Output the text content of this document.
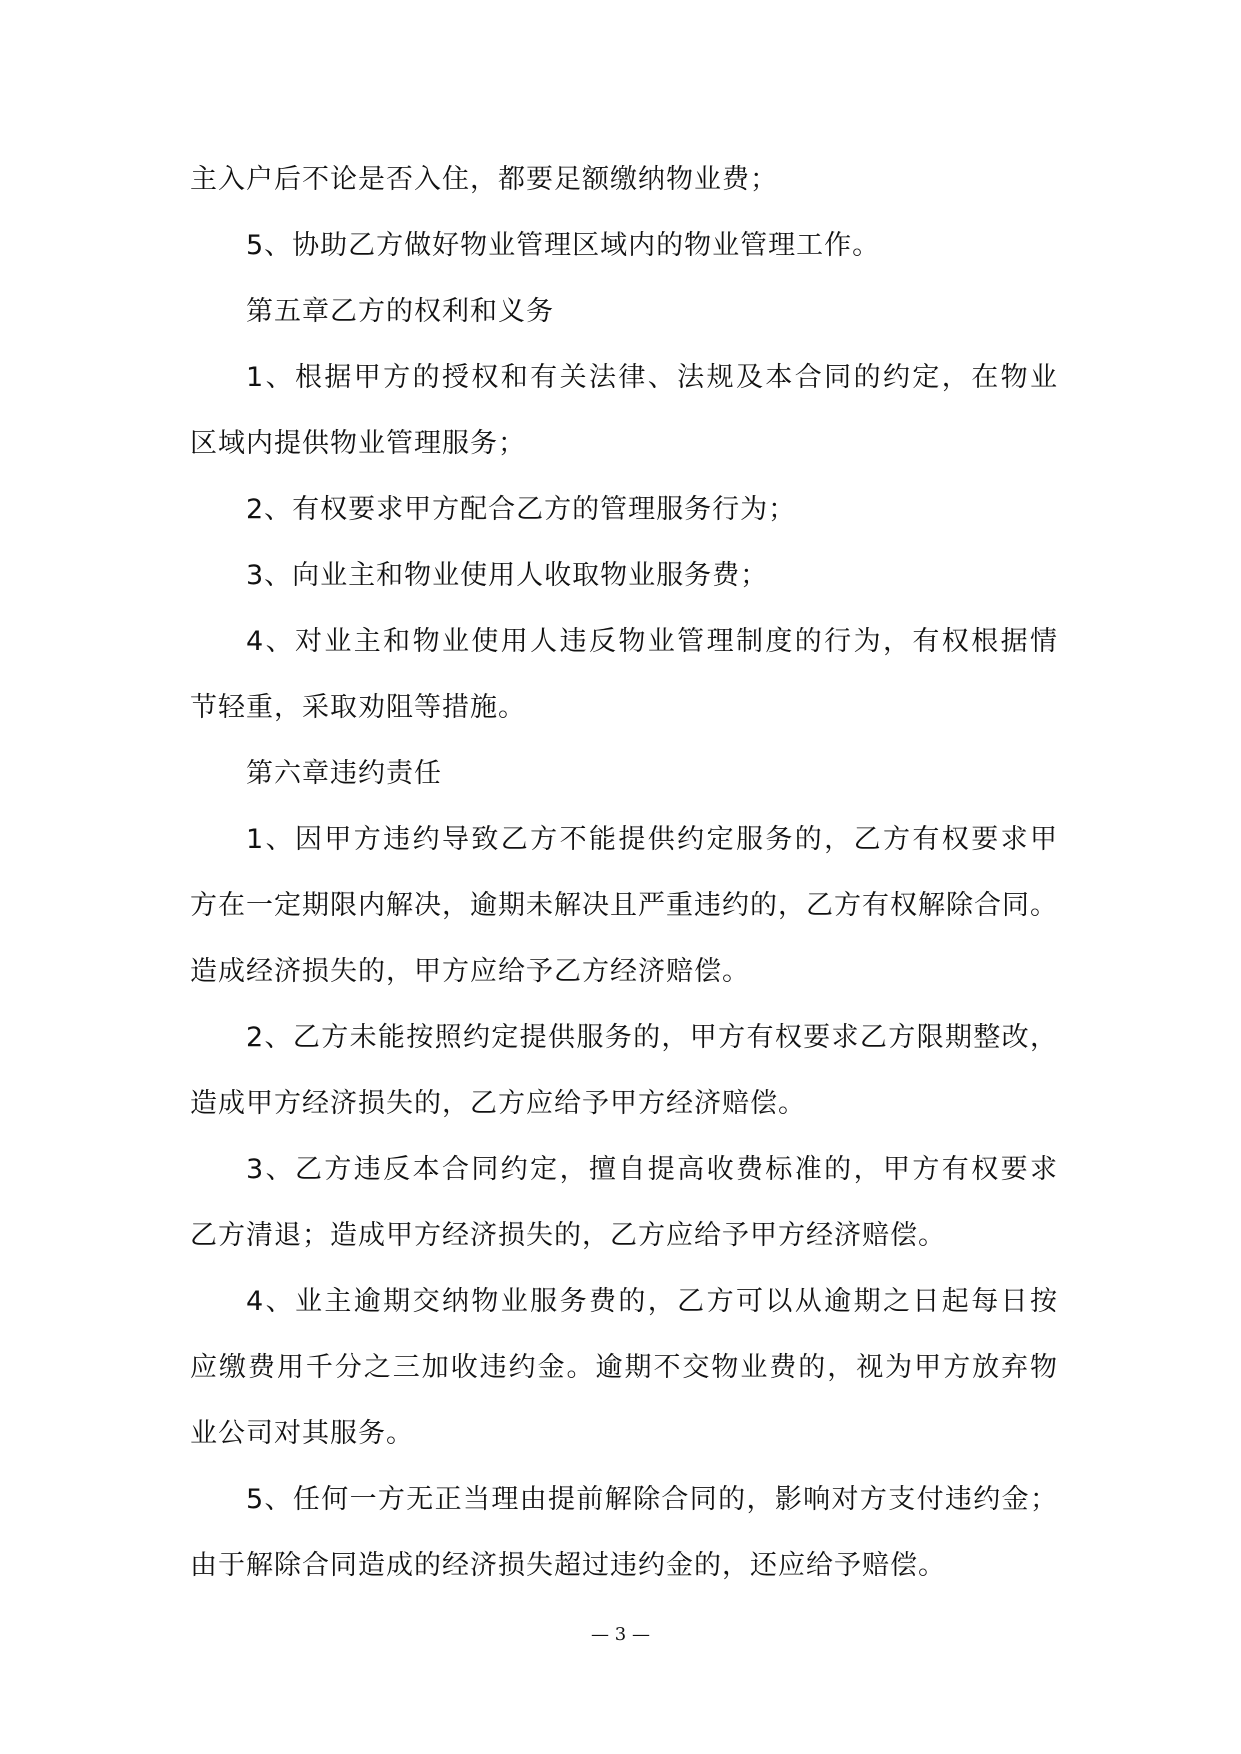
主入户后不论是否入住，都要足额缴纳物业费；
5、协助乙方做好物业管理区域内的物业管理工作。
第五章乙方的权利和义务
1、根据甲方的授权和有关法律、法规及本合同的约定，在物业
区域内提供物业管理服务；
2、有权要求甲方配合乙方的管理服务行为；
3、向业主和物业使用人收取物业服务费；
4、对业主和物业使用人违反物业管理制度的行为，有权根据情
节轻重，采取劝阻等措施。
第六章违约责任
1、因甲方违约导致乙方不能提供约定服务的，乙方有权要求甲
方在一定期限内解决，逾期未解决且严重违约的，乙方有权解除合同。
造成经济损失的，甲方应给予乙方经济赔偿。
2、乙方未能按照约定提供服务的，甲方有权要求乙方限期整改，
造成甲方经济损失的，乙方应给予甲方经济赔偿。
3、乙方违反本合同约定，擅自提高收费标准的，甲方有权要求
乙方清退；造成甲方经济损失的，乙方应给予甲方经济赔偿。
4、业主逾期交纳物业服务费的，乙方可以从逾期之日起每日按
应缴费用千分之三加收违约金。逾期不交物业费的，视为甲方放弃物
业公司对其服务。
5、任何一方无正当理由提前解除合同的，影响对方支付违约金；
由于解除合同造成的经济损失超过违约金的，还应给予赔偿。
— 3 —
